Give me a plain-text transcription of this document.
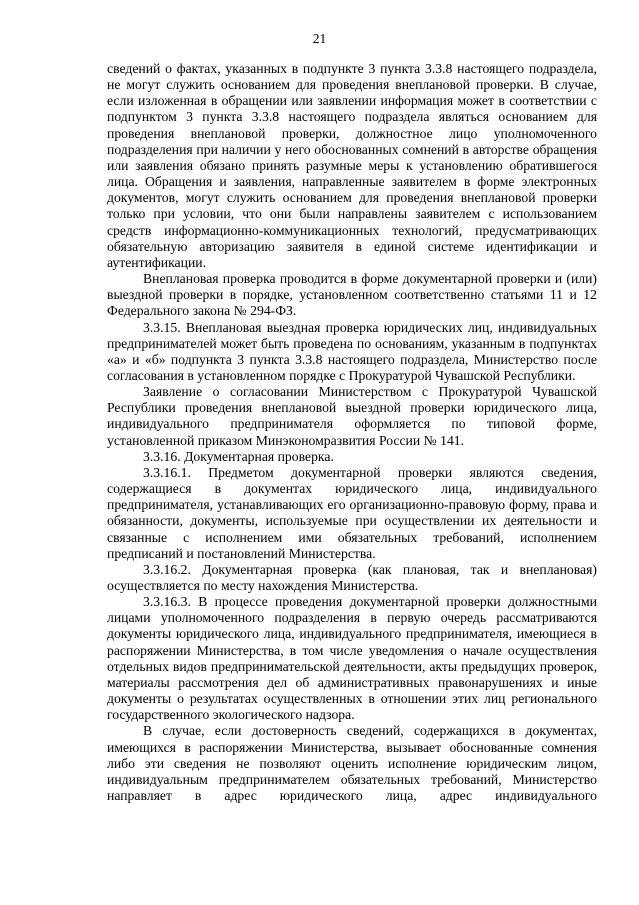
21

сведений о фактах, указанных в подпункте 3 пункта 3.3.8 настоящего подраздела, не могут служить основанием для проведения внеплановой проверки. В случае, если изложенная в обращении или заявлении информация может в соответствии с подпунктом 3 пункта 3.3.8 настоящего подраздела являться основанием для проведения внеплановой проверки, должностное лицо уполномоченного подразделения при наличии у него обоснованных сомнений в авторстве обращения или заявления обязано принять разумные меры к установлению обратившегося лица. Обращения и заявления, направленные заявителем в форме электронных документов, могут служить основанием для проведения внеплановой проверки только при условии, что они были направлены заявителем с использованием средств информационно-коммуникационных технологий, предусматривающих обязательную авторизацию заявителя в единой системе идентификации и аутентификации.

Внеплановая проверка проводится в форме документарной проверки и (или) выездной проверки в порядке, установленном соответственно статьями 11 и 12 Федерального закона № 294-ФЗ.

3.3.15. Внеплановая выездная проверка юридических лиц, индивидуальных предпринимателей может быть проведена по основаниям, указанным в подпунктах «а» и «б» подпункта 3 пункта 3.3.8 настоящего подраздела, Министерство после согласования в установленном порядке с Прокуратурой Чувашской Республики.

Заявление о согласовании Министерством с Прокуратурой Чувашской Республики проведения внеплановой выездной проверки юридического лица, индивидуального предпринимателя оформляется по типовой форме, установленной приказом Минэкономразвития России № 141.

3.3.16. Документарная проверка.

3.3.16.1. Предметом документарной проверки являются сведения, содержащиеся в документах юридического лица, индивидуального предпринимателя, устанавливающих его организационно-правовую форму, права и обязанности, документы, используемые при осуществлении их деятельности и связанные с исполнением ими обязательных требований, исполнением предписаний и постановлений Министерства.

3.3.16.2. Документарная проверка (как плановая, так и внеплановая) осуществляется по месту нахождения Министерства.

3.3.16.3. В процессе проведения документарной проверки должностными лицами уполномоченного подразделения в первую очередь рассматриваются документы юридического лица, индивидуального предпринимателя, имеющиеся в распоряжении Министерства, в том числе уведомления о начале осуществления отдельных видов предпринимательской деятельности, акты предыдущих проверок, материалы рассмотрения дел об административных правонарушениях и иные документы о результатах осуществленных в отношении этих лиц регионального государственного экологического надзора.

В случае, если достоверность сведений, содержащихся в документах, имеющихся в распоряжении Министерства, вызывает обоснованные сомнения либо эти сведения не позволяют оценить исполнение юридическим лицом, индивидуальным предпринимателем обязательных требований, Министерство направляет в адрес юридического лица, адрес индивидуального
